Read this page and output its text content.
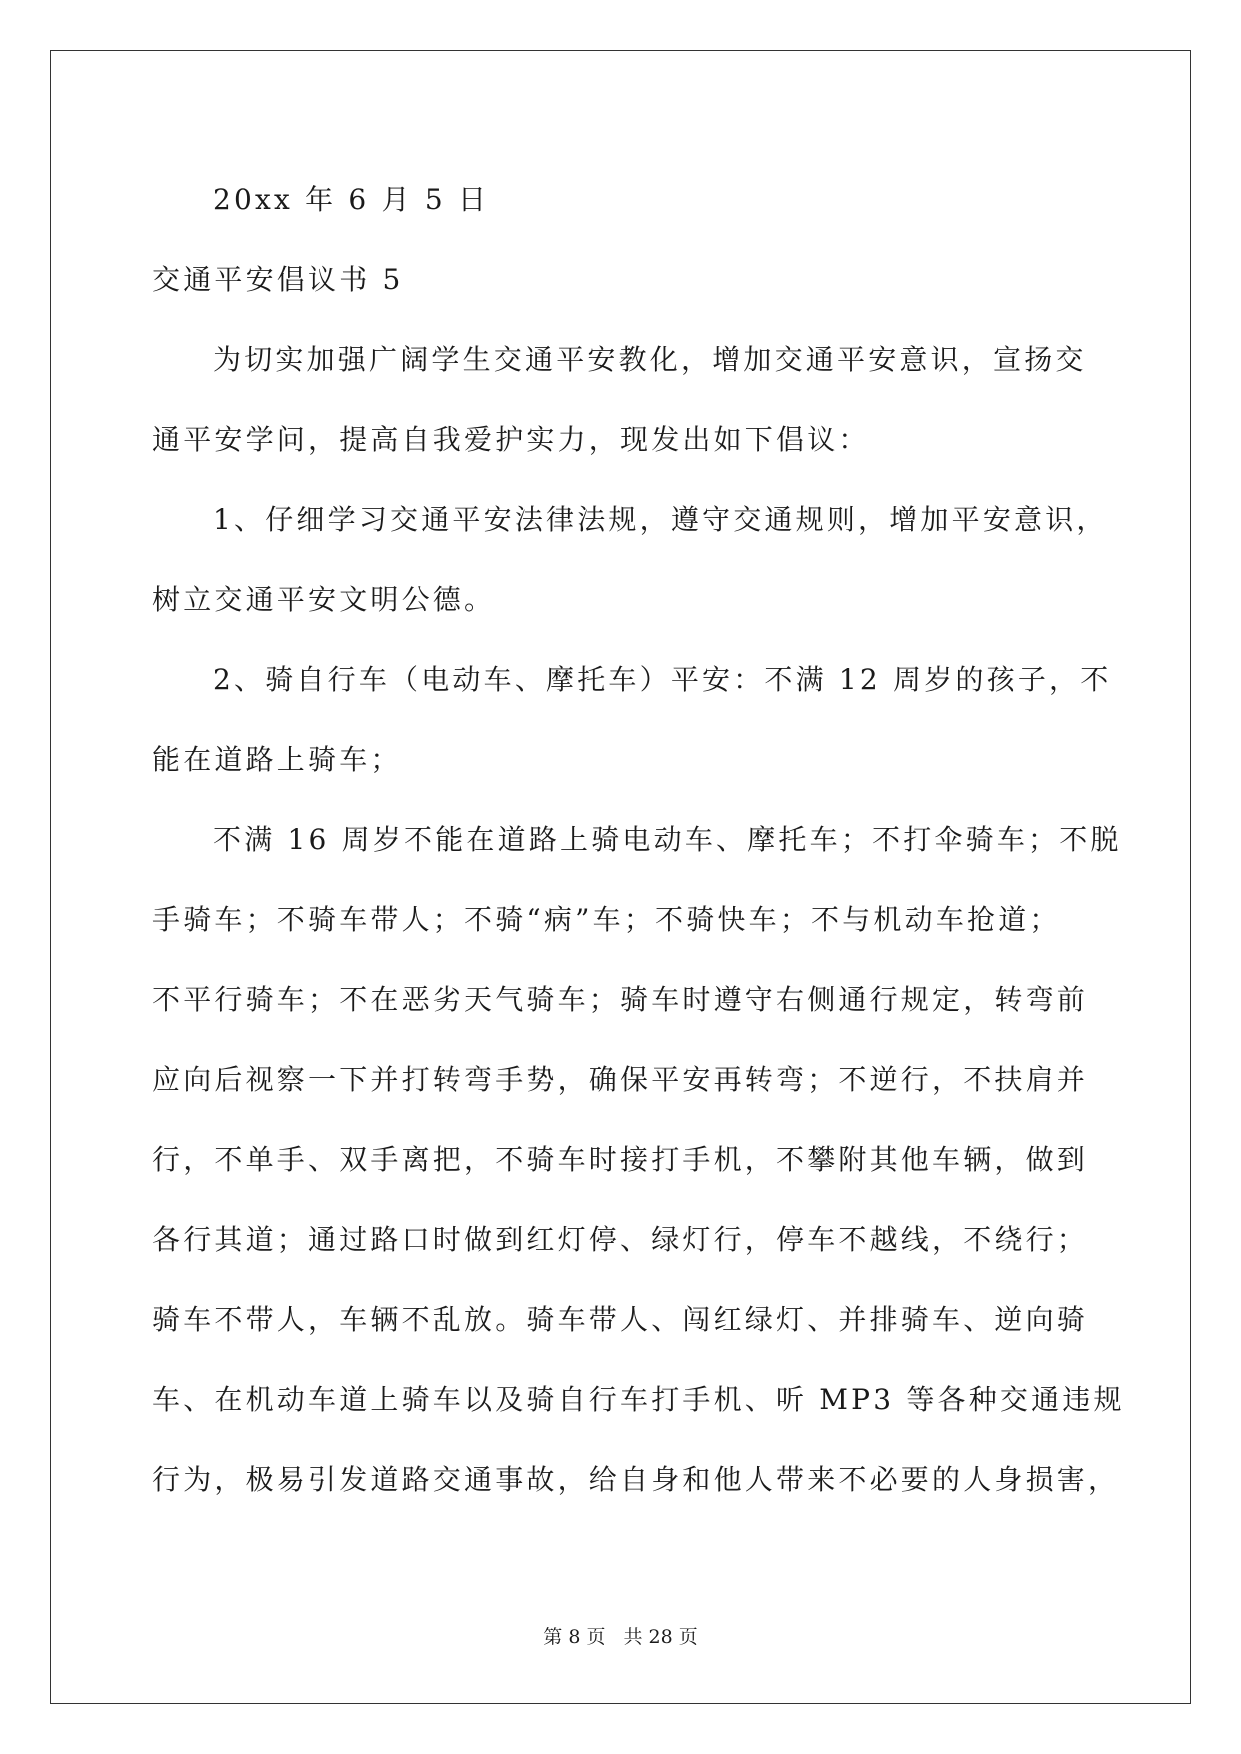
20xx 年 6 月 5 日
交通平安倡议书 5
为切实加强广阔学生交通平安教化，增加交通平安意识，宣扬交
通平安学问，提高自我爱护实力，现发出如下倡议：
1、仔细学习交通平安法律法规，遵守交通规则，增加平安意识，
树立交通平安文明公德。
2、骑自行车（电动车、摩托车）平安：不满 12 周岁的孩子，不
能在道路上骑车；
不满 16 周岁不能在道路上骑电动车、摩托车；不打伞骑车；不脱
手骑车；不骑车带人；不骑“病”车；不骑快车；不与机动车抢道；
不平行骑车；不在恶劣天气骑车；骑车时遵守右侧通行规定，转弯前
应向后视察一下并打转弯手势，确保平安再转弯；不逆行，不扶肩并
行，不单手、双手离把，不骑车时接打手机，不攀附其他车辆，做到
各行其道；通过路口时做到红灯停、绿灯行，停车不越线，不绕行；
骑车不带人，车辆不乱放。骑车带人、闯红绿灯、并排骑车、逆向骑
车、在机动车道上骑车以及骑自行车打手机、听 MP3 等各种交通违规
行为，极易引发道路交通事故，给自身和他人带来不必要的人身损害，
第 8 页 共 28 页
